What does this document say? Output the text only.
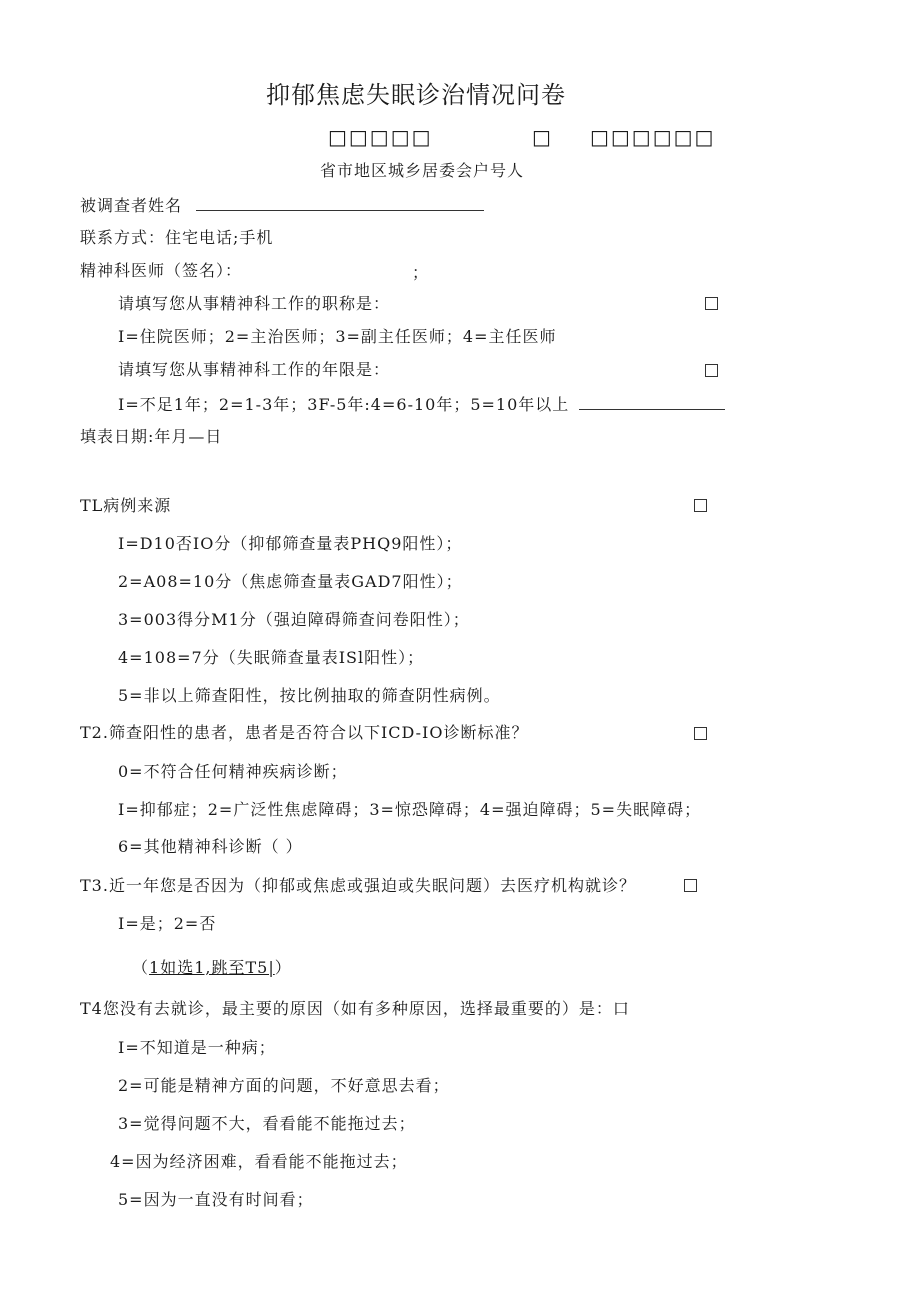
抑郁焦虑失眠诊治情况问卷
□□□□□	□ □□□□□□
省市地区城乡居委会户号人
被调查者姓名
联系方式：住宅电话;手机
精神科医师（签名）：	；
请填写您从事精神科工作的职称是：
I=住院医师；2=主治医师；3=副主任医师；4=主任医师
请填写您从事精神科工作的年限是：
I=不足1年；2=1-3年；3F-5年:4=6-10年；5=10年以上
填表日期:年月—日
TL病例来源
I=D10否IO分（抑郁筛查量表PHQ9阳性）；
2=A08=10分（焦虑筛查量表GAD7阳性）；
3=003得分M1分（强迫障碍筛查问卷阳性）；
4=108=7分（失眠筛查量表ISl阳性）；
5=非以上筛查阳性，按比例抽取的筛查阴性病例。
T2.筛查阳性的患者，患者是否符合以下ICD-IO诊断标准？
0=不符合任何精神疾病诊断；
I=抑郁症；2=广泛性焦虑障碍；3=惊恐障碍；4=强迫障碍；5=失眠障碍；
6=其他精神科诊断（ ）
T3.近一年您是否因为（抑郁或焦虑或强迫或失眠问题）去医疗机构就诊？
I=是；2=否
（1如选1,跳至T5|）
T4您没有去就诊，最主要的原因（如有多种原因，选择最重要的）是：口
I=不知道是一种病；
2=可能是精神方面的问题，不好意思去看；
3=觉得问题不大，看看能不能拖过去；
4=因为经济困难，看看能不能拖过去；
5=因为一直没有时间看；
